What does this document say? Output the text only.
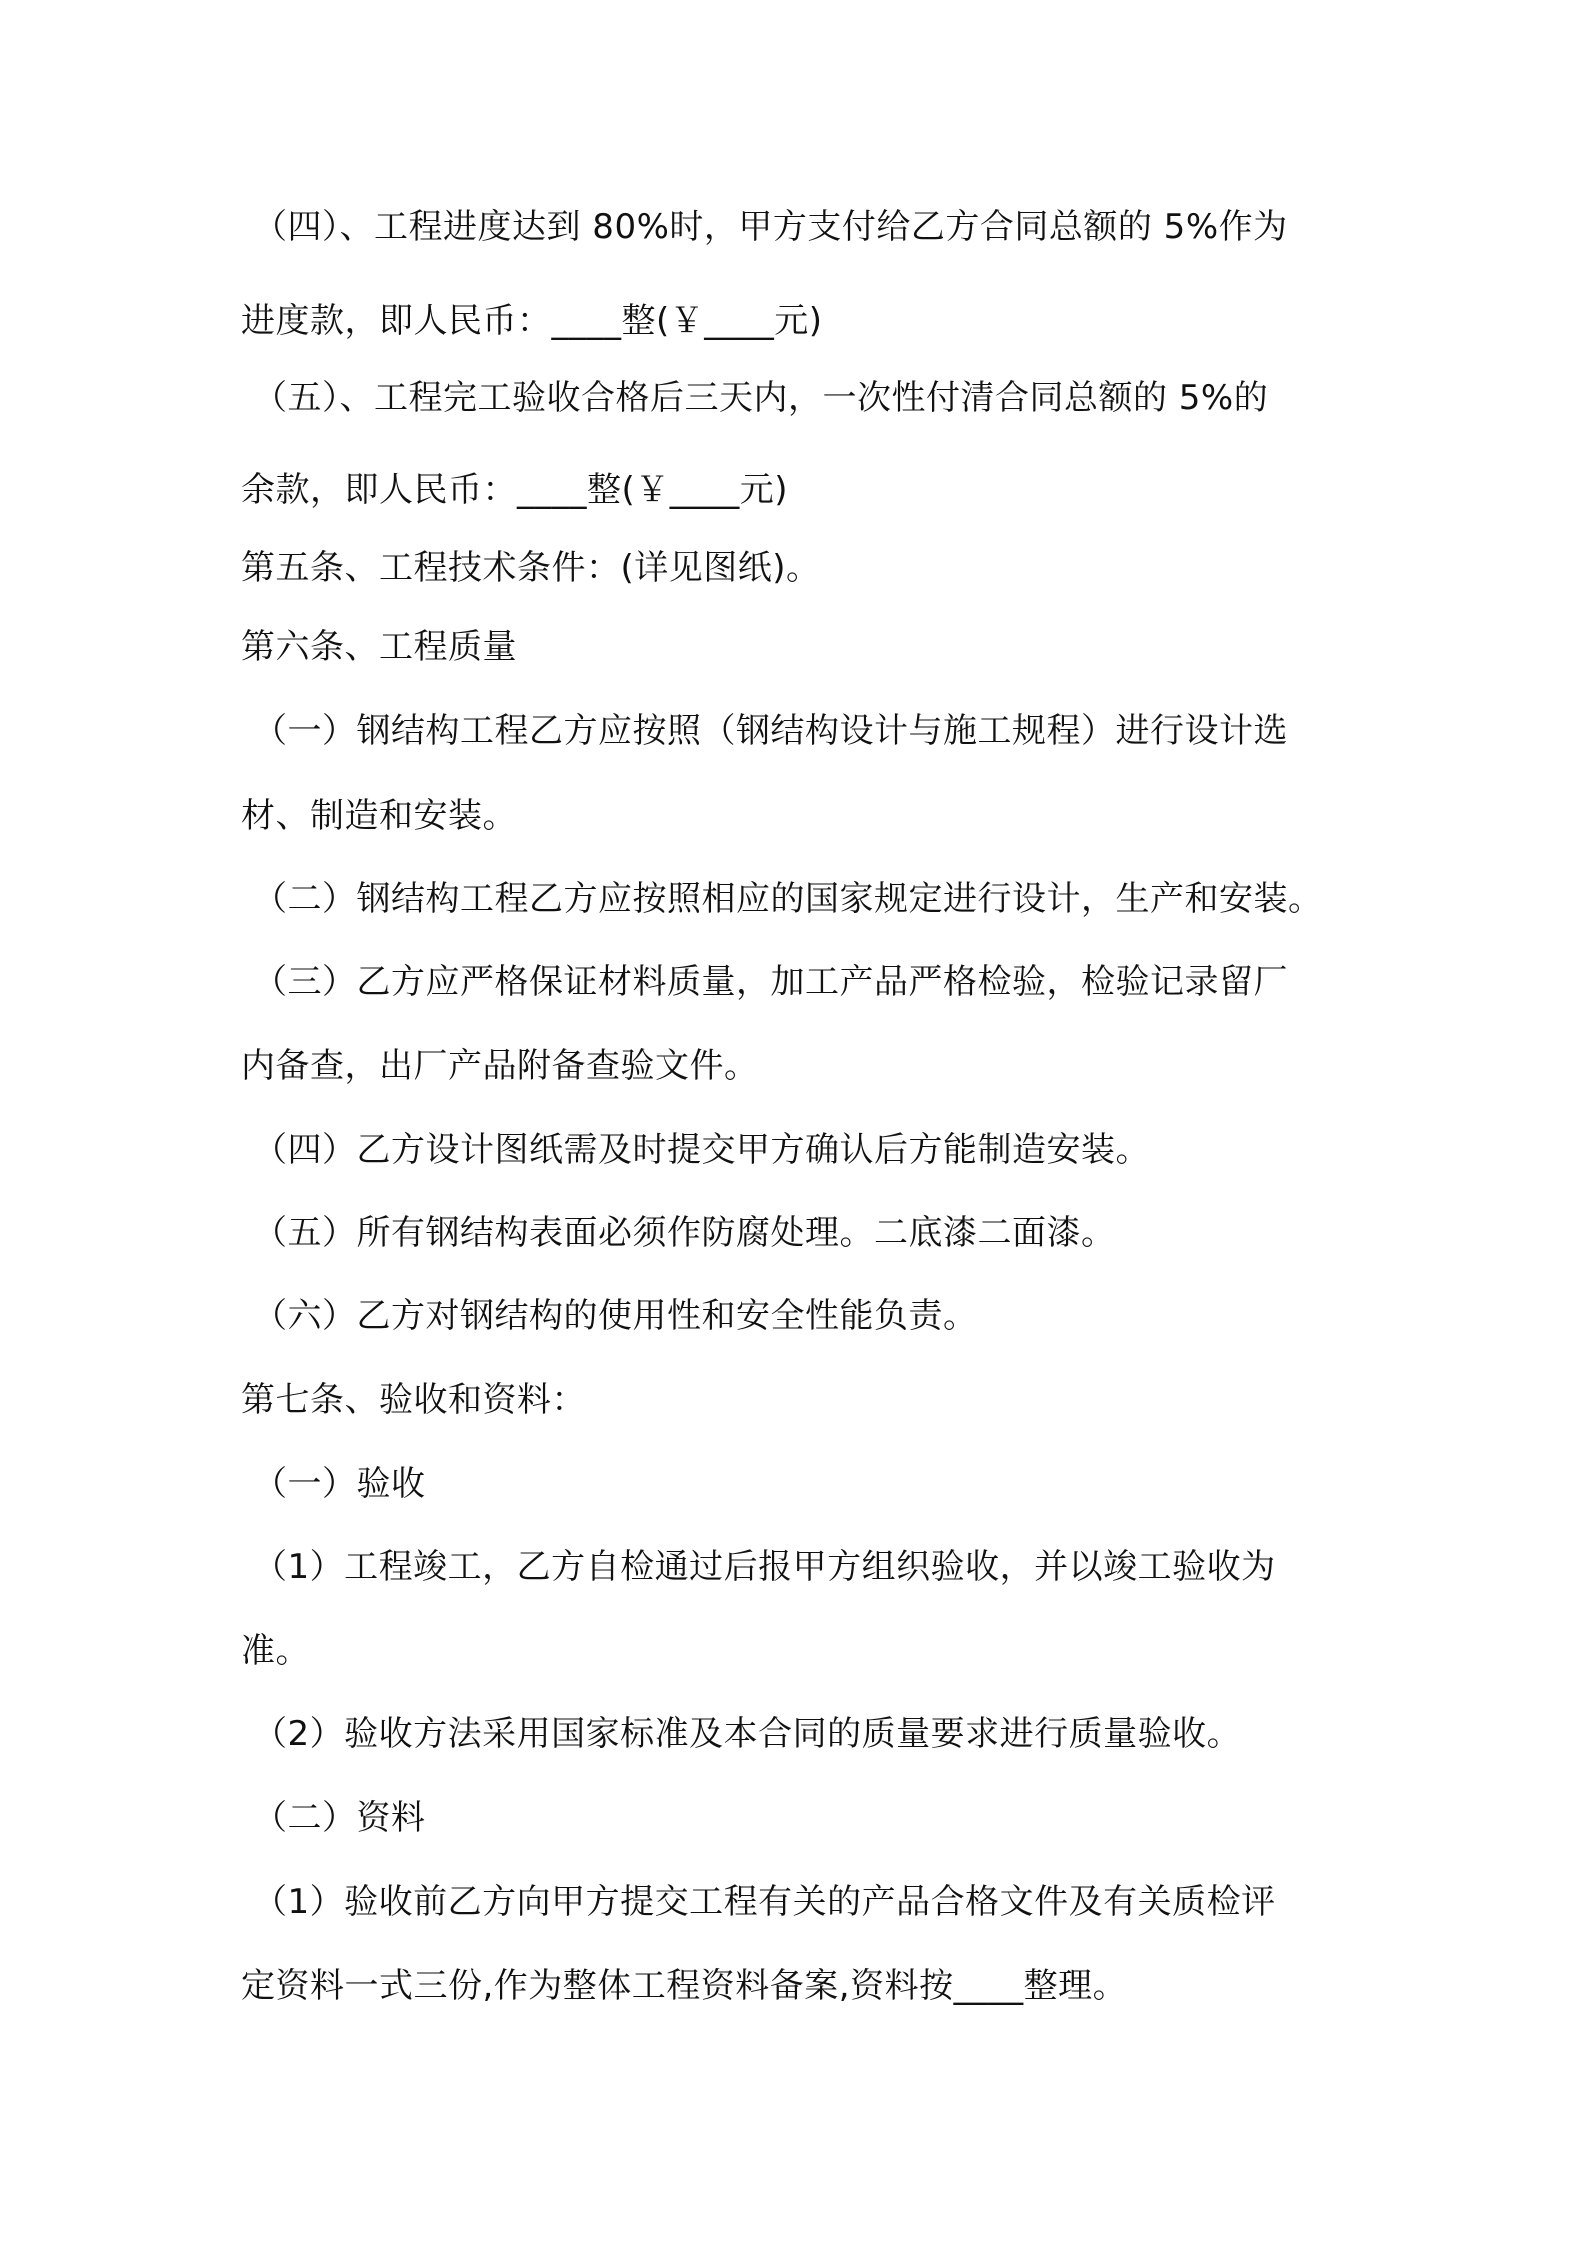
（四）、工程进度达到 80%时，甲方支付给乙方合同总额的 5%作为

进度款，即人民币：____整(￥____元)

（五）、工程完工验收合格后三天内，一次性付清合同总额的 5%的

余款，即人民币：____整(￥____元)

第五条、工程技术条件：(详见图纸)。

第六条、工程质量

（一）钢结构工程乙方应按照（钢结构设计与施工规程）进行设计选

材、制造和安装。

（二）钢结构工程乙方应按照相应的国家规定进行设计，生产和安装。

（三）乙方应严格保证材料质量，加工产品严格检验，检验记录留厂

内备查，出厂产品附备查验文件。

（四）乙方设计图纸需及时提交甲方确认后方能制造安装。

（五）所有钢结构表面必须作防腐处理。二底漆二面漆。

（六）乙方对钢结构的使用性和安全性能负责。

第七条、验收和资料：

（一）验收

（1）工程竣工，乙方自检通过后报甲方组织验收，并以竣工验收为

准。

（2）验收方法采用国家标准及本合同的质量要求进行质量验收。

（二）资料

（1）验收前乙方向甲方提交工程有关的产品合格文件及有关质检评

定资料一式三份,作为整体工程资料备案,资料按____整理。
